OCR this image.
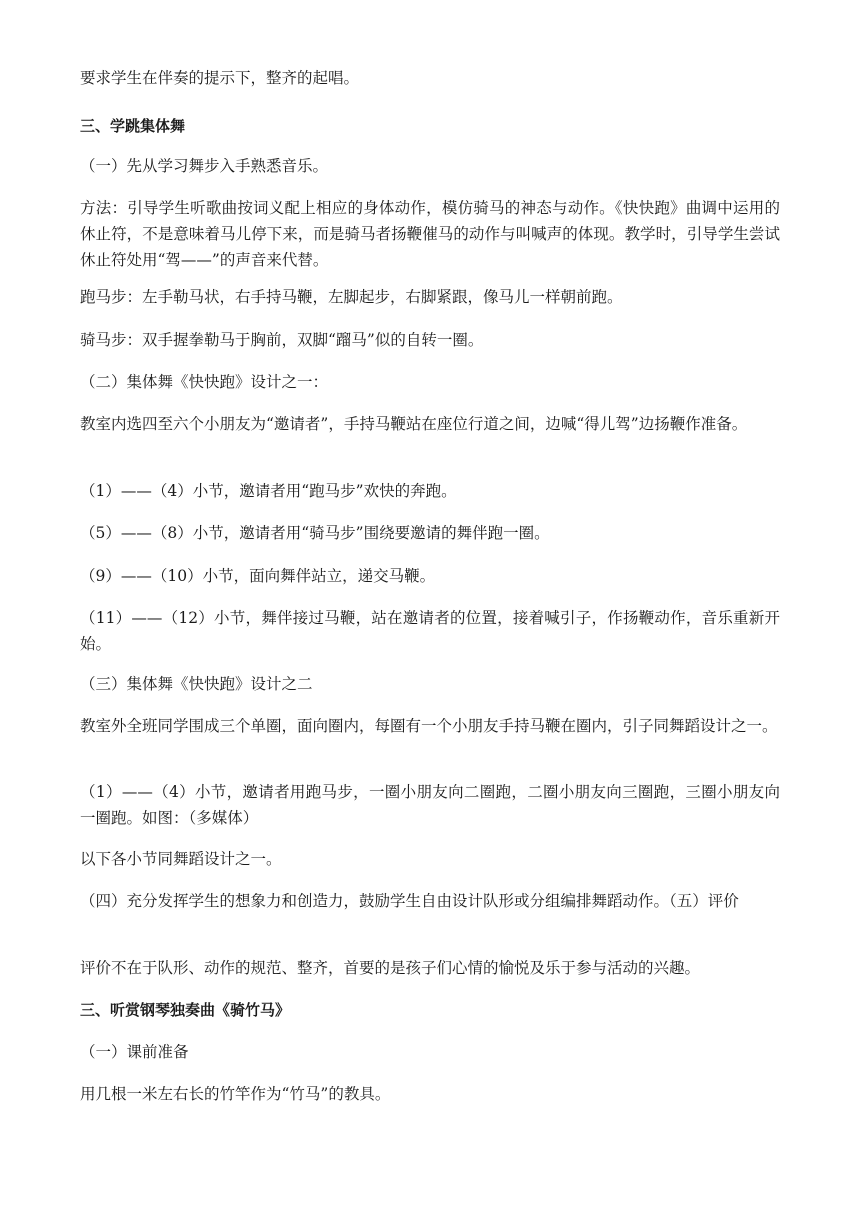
要求学生在伴奏的提示下，整齐的起唱。

三、学跳集体舞

（一）先从学习舞步入手熟悉音乐。

方法：引导学生听歌曲按词义配上相应的身体动作，模仿骑马的神态与动作。《快快跑》曲调中运用的休止符，不是意味着马儿停下来，而是骑马者扬鞭催马的动作与叫喊声的体现。教学时，引导学生尝试休止符处用“驾——”的声音来代替。

跑马步：左手勒马状，右手持马鞭，左脚起步，右脚紧跟，像马儿一样朝前跑。

骑马步：双手握拳勒马于胸前，双脚“蹓马”似的自转一圈。

（二）集体舞《快快跑》设计之一：

教室内选四至六个小朋友为“邀请者”，手持马鞭站在座位行道之间，边喊“得儿驾”边扬鞭作准备。

（1）——（4）小节，邀请者用“跑马步”欢快的奔跑。

（5）——（8）小节，邀请者用“骑马步”围绕要邀请的舞伴跑一圈。

（9）——（10）小节，面向舞伴站立，递交马鞭。

（11）——（12）小节，舞伴接过马鞭，站在邀请者的位置，接着喊引子，作扬鞭动作，音乐重新开始。

（三）集体舞《快快跑》设计之二

教室外全班同学围成三个单圈，面向圈内，每圈有一个小朋友手持马鞭在圈内，引子同舞蹈设计之一。

（1）——（4）小节，邀请者用跑马步，一圈小朋友向二圈跑，二圈小朋友向三圈跑，三圈小朋友向一圈跑。如图：（多媒体）

以下各小节同舞蹈设计之一。

（四）充分发挥学生的想象力和创造力，鼓励学生自由设计队形或分组编排舞蹈动作。（五）评价

评价不在于队形、动作的规范、整齐，首要的是孩子们心情的愉悦及乐于参与活动的兴趣。

三、听赏钢琴独奏曲《骑竹马》

（一）课前准备

用几根一米左右长的竹竿作为“竹马”的教具。
